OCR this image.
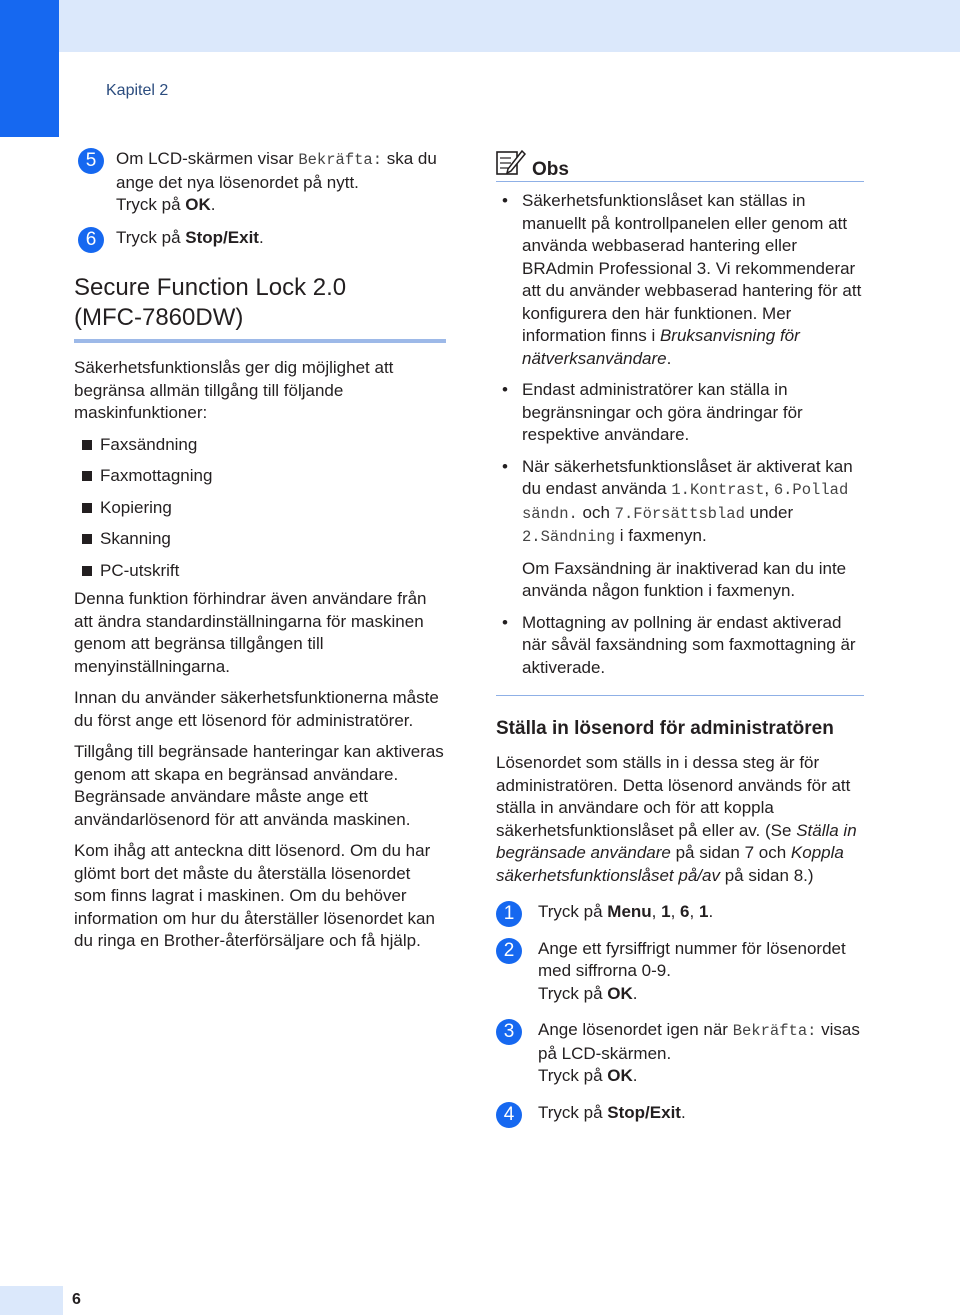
Kapitel 2
5	Om LCD-skärmen visar Bekräfta: ska du ange det nya lösenordet på nytt.
Tryck på OK.
6	Tryck på Stop/Exit.
Secure Function Lock 2.0
(MFC-7860DW)

Säkerhetsfunktionslås ger dig möjlighet att begränsa allmän tillgång till följande maskinfunktioner:

Faxsändning
Faxmottagning
Kopiering
Skanning
PC-utskrift

Denna funktion förhindrar även användare från att ändra standardinställningarna för maskinen genom att begränsa tillgången till menyinställningarna.

Innan du använder säkerhetsfunktionerna måste du först ange ett lösenord för administratörer.

Tillgång till begränsade hanteringar kan aktiveras genom att skapa en begränsad användare. Begränsade användare måste ange ett användarlösenord för att använda maskinen.

Kom ihåg att anteckna ditt lösenord. Om du har glömt bort det måste du återställa lösenordet som finns lagrat i maskinen. Om du behöver information om hur du återställer lösenordet kan du ringa en Brother-återförsäljare och få hjälp.

Obs
• Säkerhetsfunktionslåset kan ställas in manuellt på kontrollpanelen eller genom att använda webbaserad hantering eller BRAdmin Professional 3. Vi rekommenderar att du använder webbaserad hantering för att konfigurera den här funktionen. Mer information finns i Bruksanvisning för nätverksanvändare.
• Endast administratörer kan ställa in begränsningar och göra ändringar för respektive användare.
• När säkerhetsfunktionslåset är aktiverat kan du endast använda 1.Kontrast, 6.Pollad sändn. och 7.Försättsblad under 2.Sändning i faxmenyn.
Om Faxsändning är inaktiverad kan du inte använda någon funktion i faxmenyn.
• Mottagning av pollning är endast aktiverad när såväl faxsändning som faxmottagning är aktiverade.
Ställa in lösenord för administratören

Lösenordet som ställs in i dessa steg är för administratören. Detta lösenord används för att ställa in användare och för att koppla säkerhetsfunktionslåset på eller av. (Se Ställa in begränsade användare på sidan 7 och Koppla säkerhetsfunktionslåset på/av på sidan 8.)

1	Tryck på Menu, 1, 6, 1.
2	Ange ett fyrsiffrigt nummer för lösenordet med siffrorna 0-9.
Tryck på OK.
3	Ange lösenordet igen när Bekräfta: visas på LCD-skärmen.
Tryck på OK.
4	Tryck på Stop/Exit.
6
